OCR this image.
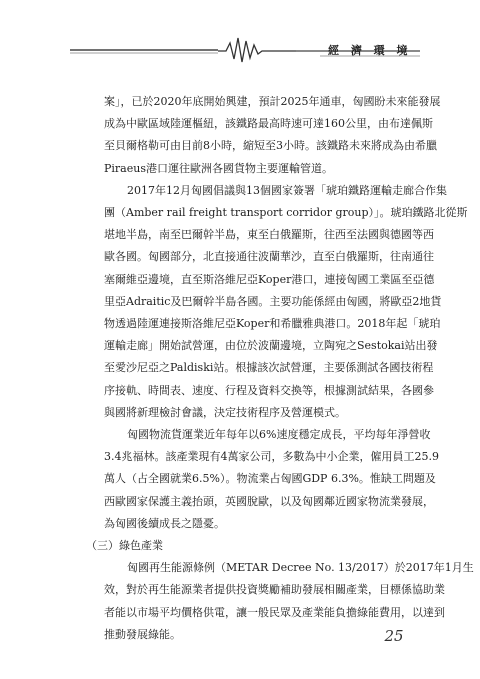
經 濟 環 境
案」，已於2020年底開始興建，預計2025年通車，匈國盼未來能發展
成為中歐區域陸運樞紐，該鐵路最高時速可達160公里，由布達佩斯
至貝爾格勒可由目前8小時，縮短至3小時。該鐵路未來將成為由希臘
Piraeus港口運往歐洲各國貨物主要運輸管道。
2017年12月匈國倡議與13個國家簽署「琥珀鐵路運輸走廊合作集
團（Amber rail freight transport corridor group）」。琥珀鐵路北從斯
堪地半島，南至巴爾幹半島，東至白俄羅斯，往西至法國與德國等西
歐各國。匈國部分，北直接通往波蘭華沙，直至白俄羅斯，往南通往
塞爾維亞邊境，直至斯洛維尼亞Koper港口，連接匈國工業區至亞德
里亞Adraitic及巴爾幹半島各國。主要功能係經由匈國，將歐亞2地貨
物透過陸運連接斯洛維尼亞Koper和希臘雅典港口。2018年起「琥珀
運輸走廊」開始試營運，由位於波蘭邊境，立陶宛之Sestokai站出發
至愛沙尼亞之Paldiski站。根據該次試營運，主要係測試各國技術程
序接軌、時間表、速度、行程及資料交換等，根據測試結果，各國參
與國將新理檢討會議，決定技術程序及營運模式。
匈國物流貨運業近年每年以6%速度穩定成長，平均每年淨營收
3.4兆福林。該產業現有4萬家公司，多數為中小企業，僱用員工25.9
萬人（占全國就業6.5%）。物流業占匈國GDP 6.3%。惟缺工問題及
西歐國家保護主義抬頭，英國脫歐，以及匈國鄰近國家物流業發展，
為匈國後續成長之隱憂。
（三）綠色產業
匈國再生能源條例（METAR Decree No. 13/2017）於2017年1月生
效，對於再生能源業者提供投資獎勵補助發展相關產業，目標係協助業
者能以市場平均價格供電，讓一般民眾及產業能負擔綠能費用，以達到
推動發展綠能。	25
